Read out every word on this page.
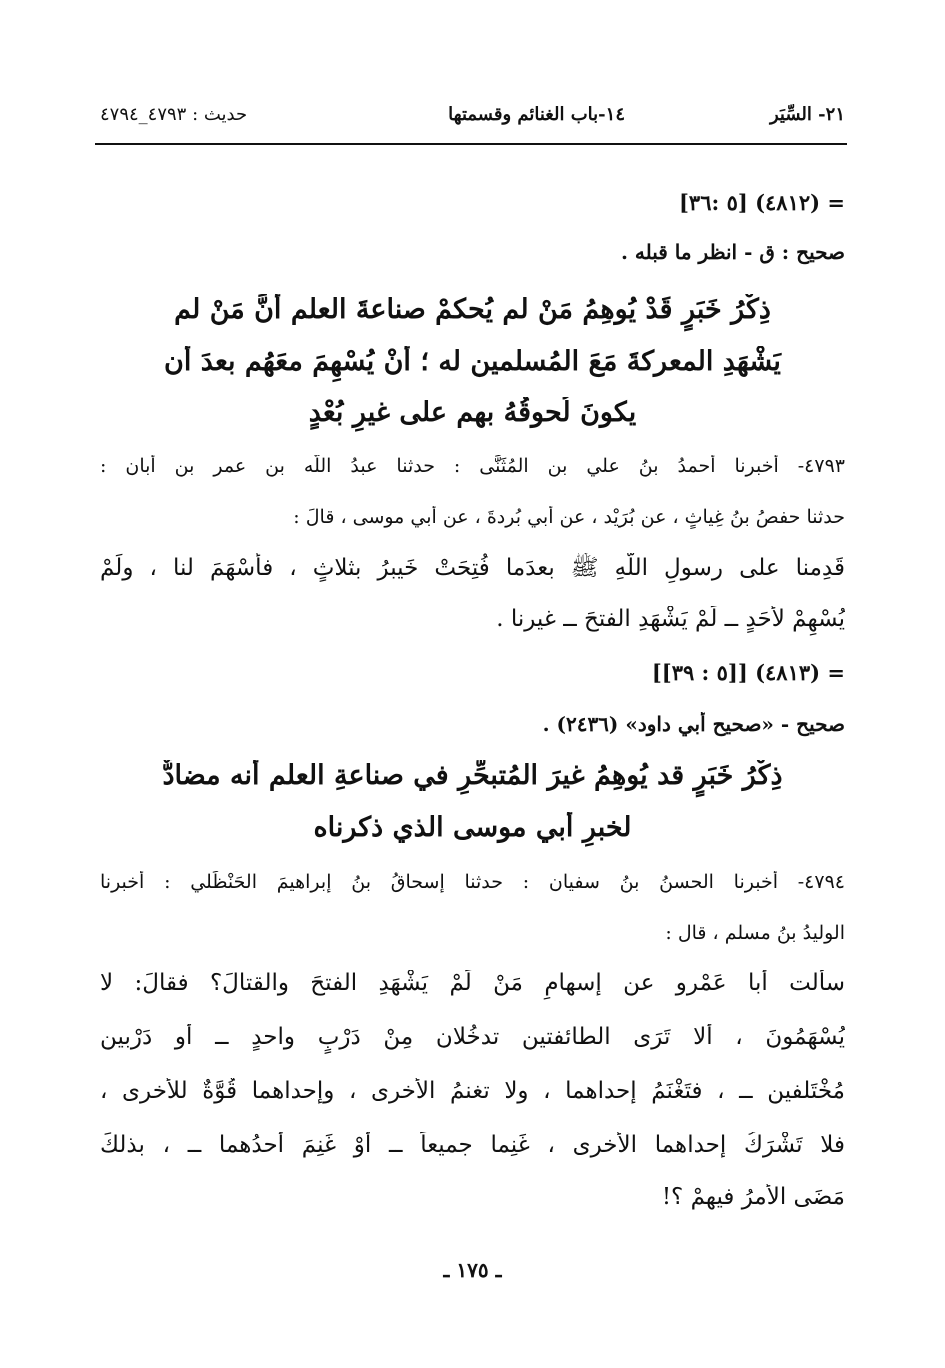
٢١- السِّيَر
١٤-باب الغنائم وقسمتها
حديث : ٤٧٩٣_٤٧٩٤
= (٤٨١٢) [٥ :٣٦]
صحيح : ق - انظر ما قبله .
ذِكْرُ خَبَرٍ قَدْ يُوهِمُ مَنْ لم يُحكمْ صناعةَ العلم أنَّ مَنْ لم
يَشْهَدِ المعركةَ مَعَ المُسلمين له ؛ أنْ يُسْهِمَ معَهُم بعدَ أن
يكونَ لُحوقُهُ بهم على غيرِ بُعْدٍ
٤٧٩٣- أخبرنا أحمدُ بنُ علي بن المُثَنَّى : حدثنا عبدُ اللَّه بن عمر بن أَبان :
حدثنا حفصُ بنُ غِياثٍ ، عن بُرَيْد ، عن أبي بُردةَ ، عن أبي موسى ، قالَ :
قَدِمنا على رسولِ اللَّهِ ﷺ بعدَما فُتِحَتْ خَيبرُ بثلاثٍ ، فأسْهَمَ لنا ، ولَمْ
يُسْهِمْ لأَحَدٍ ــ لَمْ يَشْهَدِ الفتحَ ــ غيرنا .
= (٤٨١٣) [[٥ : ٣٩]]
صحيح - «صحيح أبي داود» (٢٤٣٦) .
ذِكْرُ خَبَرٍ قد يُوهِمُ غيرَ المُتبحِّرِ في صناعةِ العلم أنه مضادٌّ
لخبرِ أبي موسى الذي ذكرناه
٤٧٩٤- أخبرنا الحسنُ بنُ سفيان : حدثنا إسحاقُ بنُ إبراهيمَ الحَنْظَلي : أخبرنا
الوليدُ بنُ مسلم ، قال :
سألت أبا عَمْرو عن إسهامِ مَنْ لَمْ يَشْهَدِ الفتحَ والقتالَ؟ فقالَ: لا
يُسْهَمُونَ ، ألا تَرَى الطائفتين تدخُلان مِنْ دَرْبٍ واحدٍ ــ أو دَرْبين
مُخْتَلفين ــ ، فتَغْنَمُ إحداهما ، ولا تغنمُ الأُخرى ، وإحداهما قُوَّةٌ للأُخرى ،
فلا تَشْرَكُ إحداهما الأخرى ، غَنِما جميعاً ــ أوْ غَنِمَ أحدُهما ــ ، بذلكَ
مَضَى الأَمرُ فيهمْ ؟!
ـ ١٧٥ ـ
